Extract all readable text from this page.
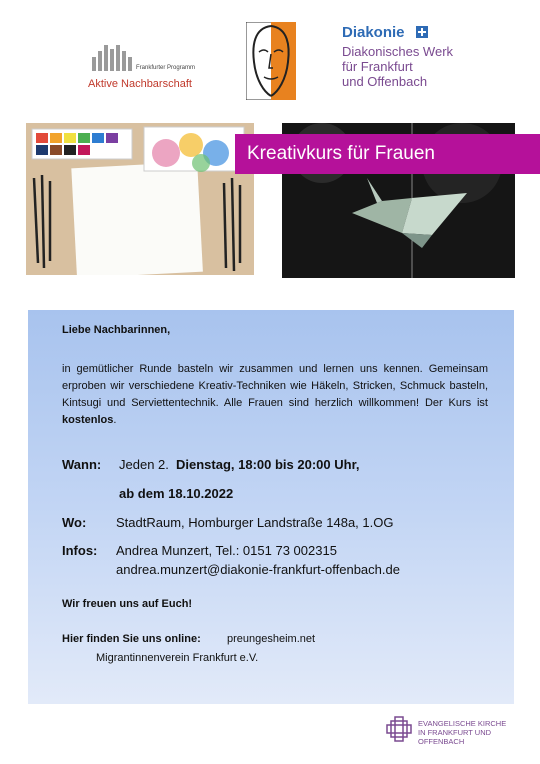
Frankfurter Programm
Aktive Nachbarschaft
Diakonie
Diakonisches Werk
für Frankfurt
und Offenbach
Kreativkurs für Frauen
Liebe Nachbarinnen,
in gemütlicher Runde basteln wir zusammen und lernen uns kennen. Gemeinsam erproben wir verschiedene Kreativ-Techniken wie Häkeln, Stricken, Schmuck basteln, Kintsugi und Serviettentechnik. Alle Frauen sind herzlich willkommen! Der Kurs ist kostenlos.
Wann: Jeden 2. Dienstag, 18:00 bis 20:00 Uhr,
ab dem 18.10.2022
Wo: StadtRaum, Homburger Landstraße 148a, 1.OG
Infos: Andrea Munzert, Tel.: 0151 73 002315
andrea.munzert@diakonie-frankfurt-offenbach.de
Wir freuen uns auf Euch!
Hier finden Sie uns online: preungesheim.net
Migrantinnenverein Frankfurt e.V.
EVANGELISCHE KIRCHE
IN FRANKFURT UND OFFENBACH
